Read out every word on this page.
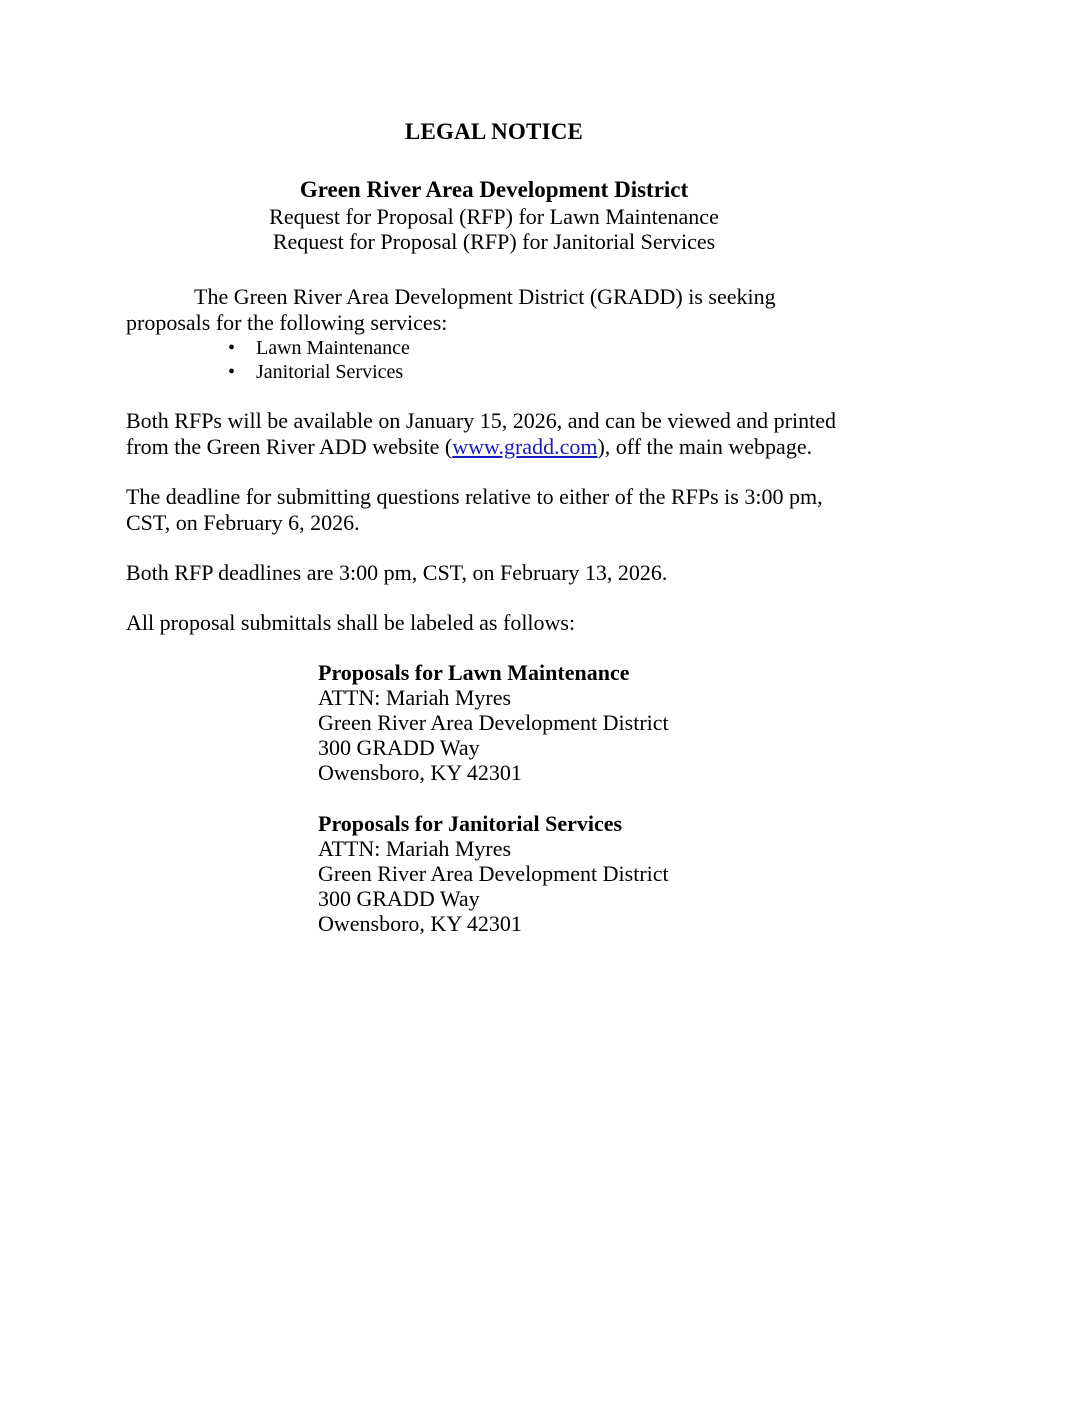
LEGAL NOTICE
Green River Area Development District
Request for Proposal (RFP) for Lawn Maintenance
Request for Proposal (RFP) for Janitorial Services

The Green River Area Development District (GRADD) is seeking proposals for the following services:

• Lawn Maintenance
• Janitorial Services

Both RFPs will be available on January 15, 2026, and can be viewed and printed from the Green River ADD website (www.gradd.com), off the main webpage.

The deadline for submitting questions relative to either of the RFPs is 3:00 pm, CST, on February 6, 2026.

Both RFP deadlines are 3:00 pm, CST, on February 13, 2026.

All proposal submittals shall be labeled as follows:

Proposals for Lawn Maintenance
ATTN: Mariah Myres
Green River Area Development District
300 GRADD Way
Owensboro, KY 42301
Proposals for Janitorial Services
ATTN: Mariah Myres
Green River Area Development District
300 GRADD Way
Owensboro, KY 42301
